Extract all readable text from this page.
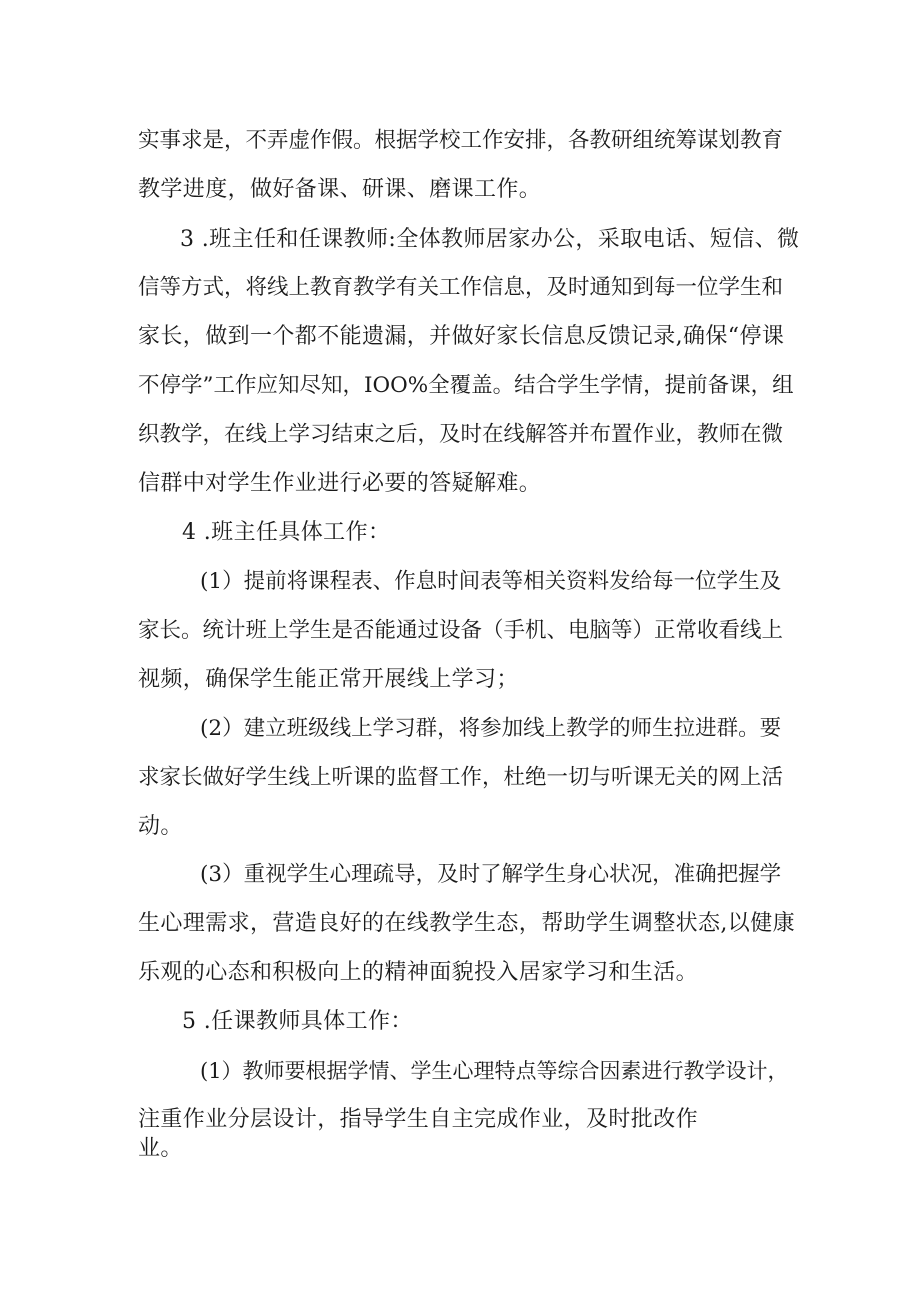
实事求是，不弄虚作假。根据学校工作安排，各教研组统筹谋划教育
教学进度，做好备课、研课、磨课工作。
3 .班主任和任课教师:全体教师居家办公，采取电话、短信、微
信等方式，将线上教育教学有关工作信息，及时通知到每一位学生和
家长，做到一个都不能遗漏，并做好家长信息反馈记录,确保“停课
不停学”工作应知尽知，IOO%全覆盖。结合学生学情，提前备课，组
织教学，在线上学习结束之后，及时在线解答并布置作业，教师在微
信群中对学生作业进行必要的答疑解难。
4 .班主任具体工作：
(1）提前将课程表、作息时间表等相关资料发给每一位学生及
家长。统计班上学生是否能通过设备（手机、电脑等）正常收看线上
视频，确保学生能正常开展线上学习；
(2）建立班级线上学习群，将参加线上教学的师生拉进群。要
求家长做好学生线上听课的监督工作，杜绝一切与听课无关的网上活
动。
(3）重视学生心理疏导，及时了解学生身心状况，准确把握学
生心理需求，营造良好的在线教学生态，帮助学生调整状态,以健康
乐观的心态和积极向上的精神面貌投入居家学习和生活。
5 .任课教师具体工作：
(1）教师要根据学情、学生心理特点等综合因素进行教学设计，
注重作业分层设计，指导学生自主完成作业，及时批改作
业。
